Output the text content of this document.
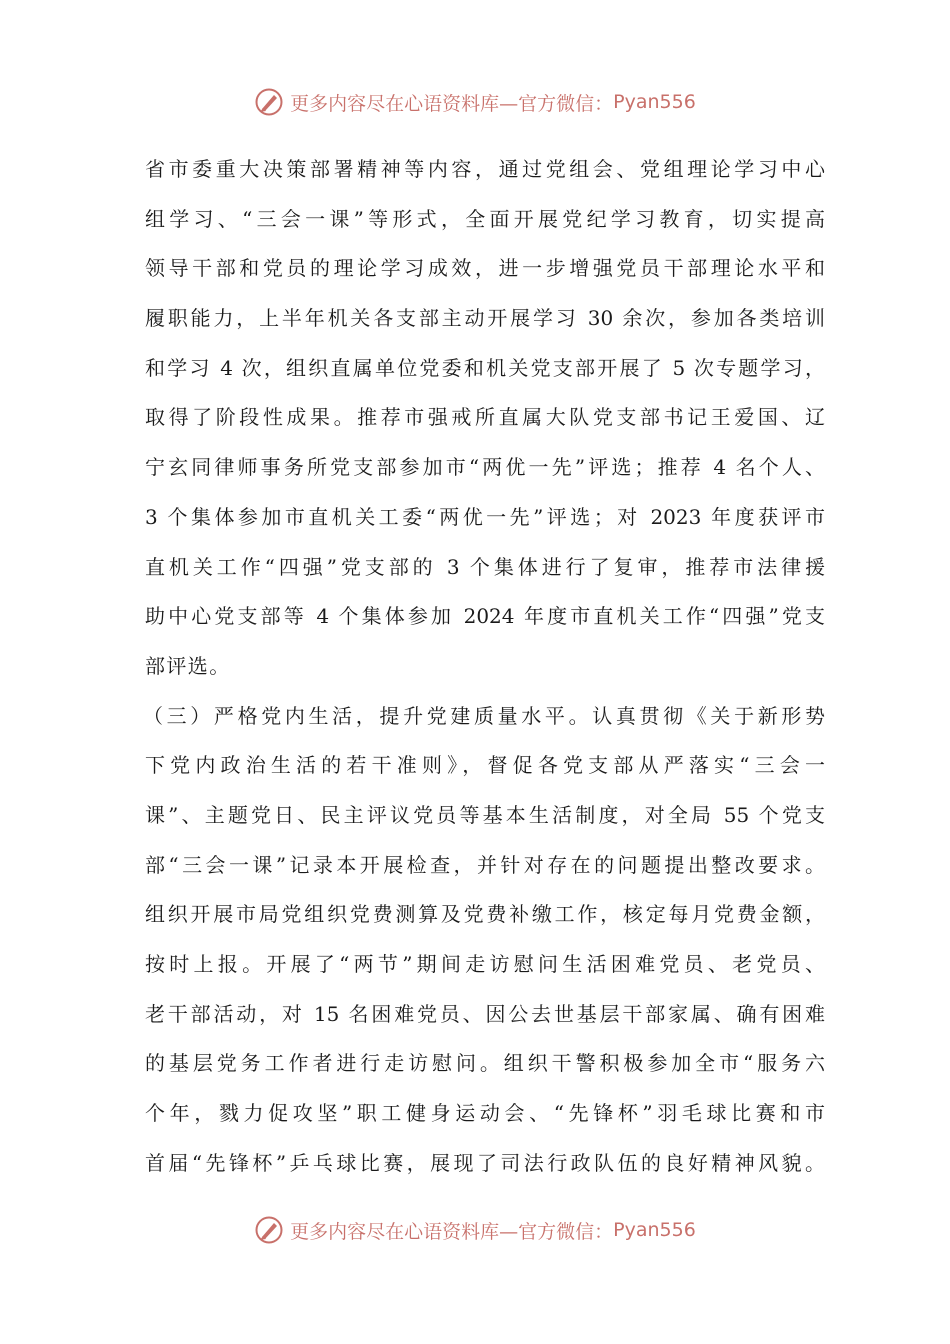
更多内容尽在心语资料库—官方微信： Pyan556
省市委重大决策部署精神等内容，通过党组会、党组理论学习中心
组学习、“三会一课”等形式，全面开展党纪学习教育，切实提高
领导干部和党员的理论学习成效，进一步增强党员干部理论水平和
履职能力，上半年机关各支部主动开展学习 30 余次，参加各类培训
和学习 4 次，组织直属单位党委和机关党支部开展了 5 次专题学习，
取得了阶段性成果。推荐市强戒所直属大队党支部书记王爱国、辽
宁玄同律师事务所党支部参加市“两优一先”评选；推荐 4 名个人、
3 个集体参加市直机关工委“两优一先”评选；对 2023 年度获评市
直机关工作“四强”党支部的 3 个集体进行了复审，推荐市法律援
助中心党支部等 4 个集体参加 2024 年度市直机关工作“四强”党支
部评选。
（三）严格党内生活，提升党建质量水平。认真贯彻《关于新形势
下党内政治生活的若干准则》，督促各党支部从严落实“三会一
课”、主题党日、民主评议党员等基本生活制度，对全局 55 个党支
部“三会一课”记录本开展检查，并针对存在的问题提出整改要求。
组织开展市局党组织党费测算及党费补缴工作，核定每月党费金额，
按时上报。开展了“两节”期间走访慰问生活困难党员、老党员、
老干部活动，对 15 名困难党员、因公去世基层干部家属、确有困难
的基层党务工作者进行走访慰问。组织干警积极参加全市“服务六
个年，戮力促攻坚”职工健身运动会、“先锋杯”羽毛球比赛和市
首届“先锋杯”乒乓球比赛，展现了司法行政队伍的良好精神风貌。
更多内容尽在心语资料库—官方微信： Pyan556
